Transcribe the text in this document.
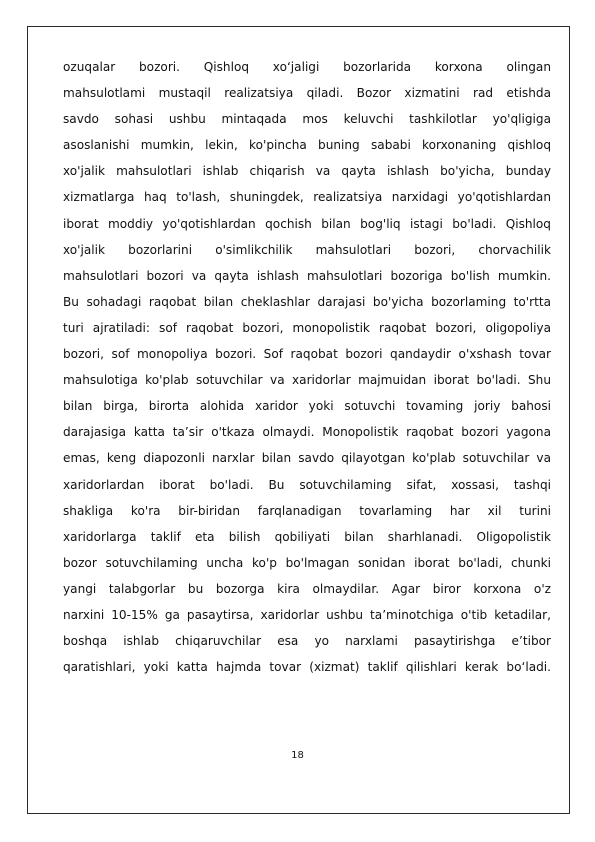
ozuqalar bozori. Qishloq xo‘jaligi bozorlarida korxona olingan
mahsulotlami mustaqil realizatsiya qiladi. Bozor xizmatini rad etishda
savdo sohasi ushbu mintaqada mos keluvchi tashkilotlar yo'qligiga
asoslanishi mumkin, lekin, ko'pincha buning sababi korxonaning qishloq
xo'jalik mahsulotlari ishlab chiqarish va qayta ishlash bo'yicha, bunday
xizmatlarga haq to'lash, shuningdek, realizatsiya narxidagi yo'qotishlardan
iborat moddiy yo'qotishlardan qochish bilan bog'liq istagi bo'ladi. Qishloq
xo'jalik bozorlarini o'simlikchilik mahsulotlari bozori, chorvachilik
mahsulotlari bozori va qayta ishlash mahsulotlari bozoriga bo'lish mumkin.
Bu sohadagi raqobat bilan cheklashlar darajasi bo'yicha bozorlaming to'rtta
turi ajratiladi: sof raqobat bozori, monopolistik raqobat bozori, oligopoliya
bozori, sof monopoliya bozori. Sof raqobat bozori qandaydir o'xshash tovar
mahsulotiga ko'plab sotuvchilar va xaridorlar majmuidan iborat bo'ladi. Shu
bilan birga, birorta alohida xaridor yoki sotuvchi tovaming joriy bahosi
darajasiga katta ta’sir o'tkaza olmaydi. Monopolistik raqobat bozori yagona
emas, keng diapozonli narxlar bilan savdo qilayotgan ko'plab sotuvchilar va
xaridorlardan iborat bo'ladi. Bu sotuvchilaming sifat, xossasi, tashqi
shakliga ko'ra bir-biridan farqlanadigan tovarlaming har xil turini
xaridorlarga taklif eta bilish qobiliyati bilan sharhlanadi. Oligopolistik
bozor sotuvchilaming uncha ko'p bo'lmagan sonidan iborat bo'ladi, chunki
yangi talabgorlar bu bozorga kira olmaydilar. Agar biror korxona o'z
narxini 10-15% ga pasaytirsa, xaridorlar ushbu ta’minotchiga o'tib ketadilar,
boshqa ishlab chiqaruvchilar esa yo narxlami pasaytirishga e’tibor
qaratishlari, yoki katta hajmda tovar (xizmat) taklif qilishlari kerak bo‘ladi.
18
